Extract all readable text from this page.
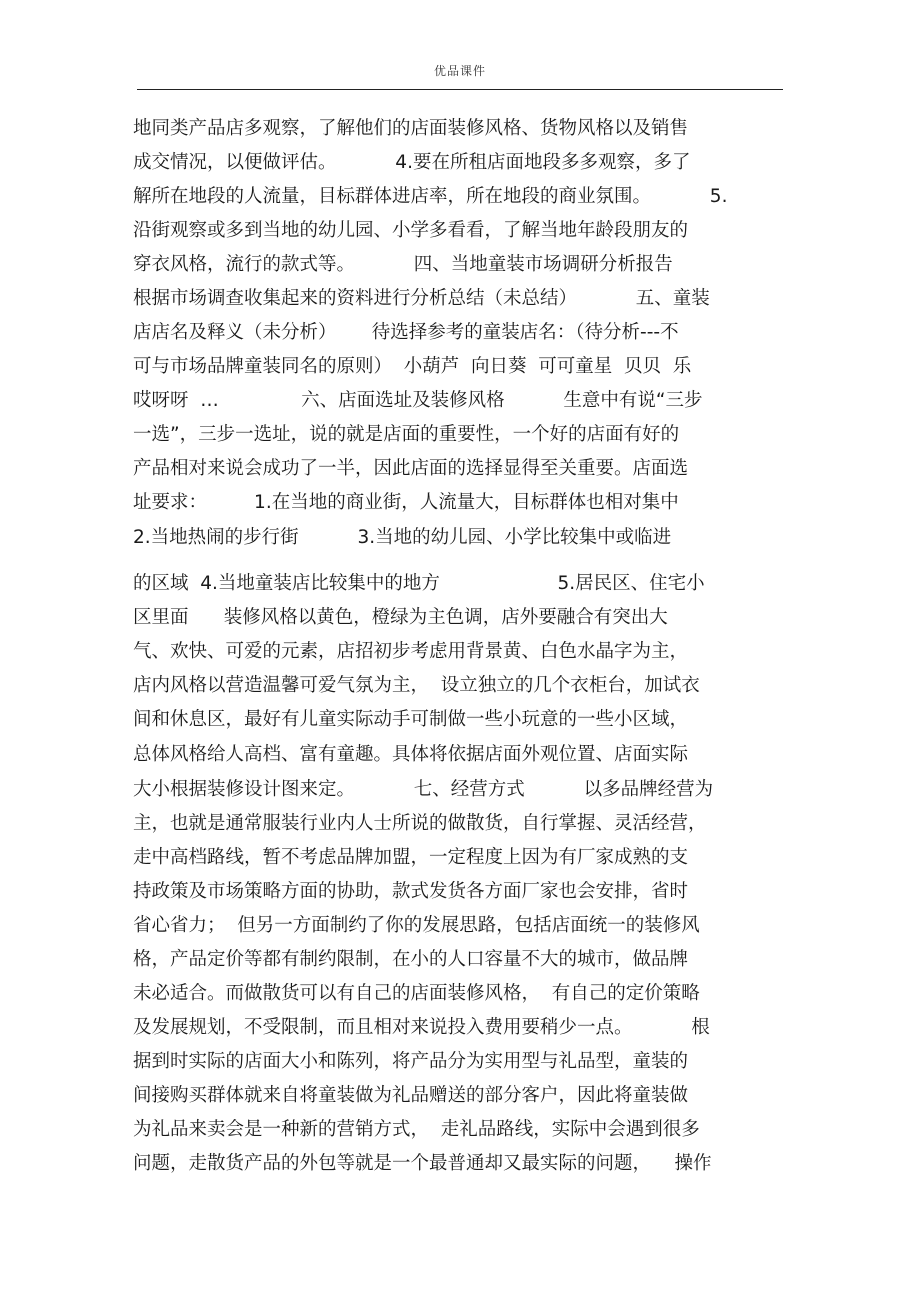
优品课件
地同类产品店多观察，了解他们的店面装修风格、货物风格以及销售
成交情况，以便做评估。          4.要在所租店面地段多多观察，多了
解所在地段的人流量，目标群体进店率，所在地段的商业氛围。          5.
沿街观察或多到当地的幼儿园、小学多看看，了解当地年龄段朋友的
穿衣风格，流行的款式等。          四、当地童装市场调研分析报告
根据市场调查收集起来的资料进行分析总结（未总结）          五、童装
店店名及释义（未分析）      待选择参考的童装店名：（待分析---不
可与市场品牌童装同名的原则）  小葫芦  向日葵  可可童星  贝贝  乐
哎呀呀  …              六、店面选址及装修风格          生意中有说“三步
一选”，三步一选址，说的就是店面的重要性，一个好的店面有好的
产品相对来说会成功了一半，因此店面的选择显得至关重要。店面选
址要求：        1.在当地的商业街，人流量大，目标群体也相对集中
2.当地热闹的步行街          3.当地的幼儿园、小学比较集中或临进
的区域  4.当地童装店比较集中的地方                    5.居民区、住宅小
区里面      装修风格以黄色，橙绿为主色调，店外要融合有突出大
气、欢快、可爱的元素，店招初步考虑用背景黄、白色水晶字为主，
店内风格以营造温馨可爱气氛为主，  设立独立的几个衣柜台，加试衣
间和休息区，最好有儿童实际动手可制做一些小玩意的一些小区域，
总体风格给人高档、富有童趣。具体将依据店面外观位置、店面实际
大小根据装修设计图来定。          七、经营方式          以多品牌经营为
主，也就是通常服装行业内人士所说的做散货，自行掌握、灵活经营，
走中高档路线，暂不考虑品牌加盟，一定程度上因为有厂家成熟的支
持政策及市场策略方面的协助，款式发货各方面厂家也会安排，省时
省心省力；  但另一方面制约了你的发展思路，包括店面统一的装修风
格，产品定价等都有制约限制，在小的人口容量不大的城市，做品牌
未必适合。而做散货可以有自己的店面装修风格，  有自己的定价策略
及发展规划，不受限制，而且相对来说投入费用要稍少一点。          根
据到时实际的店面大小和陈列，将产品分为实用型与礼品型，童装的
间接购买群体就来自将童装做为礼品赠送的部分客户，因此将童装做
为礼品来卖会是一种新的营销方式，  走礼品路线，实际中会遇到很多
问题，走散货产品的外包等就是一个最普通却又最实际的问题，    操作
